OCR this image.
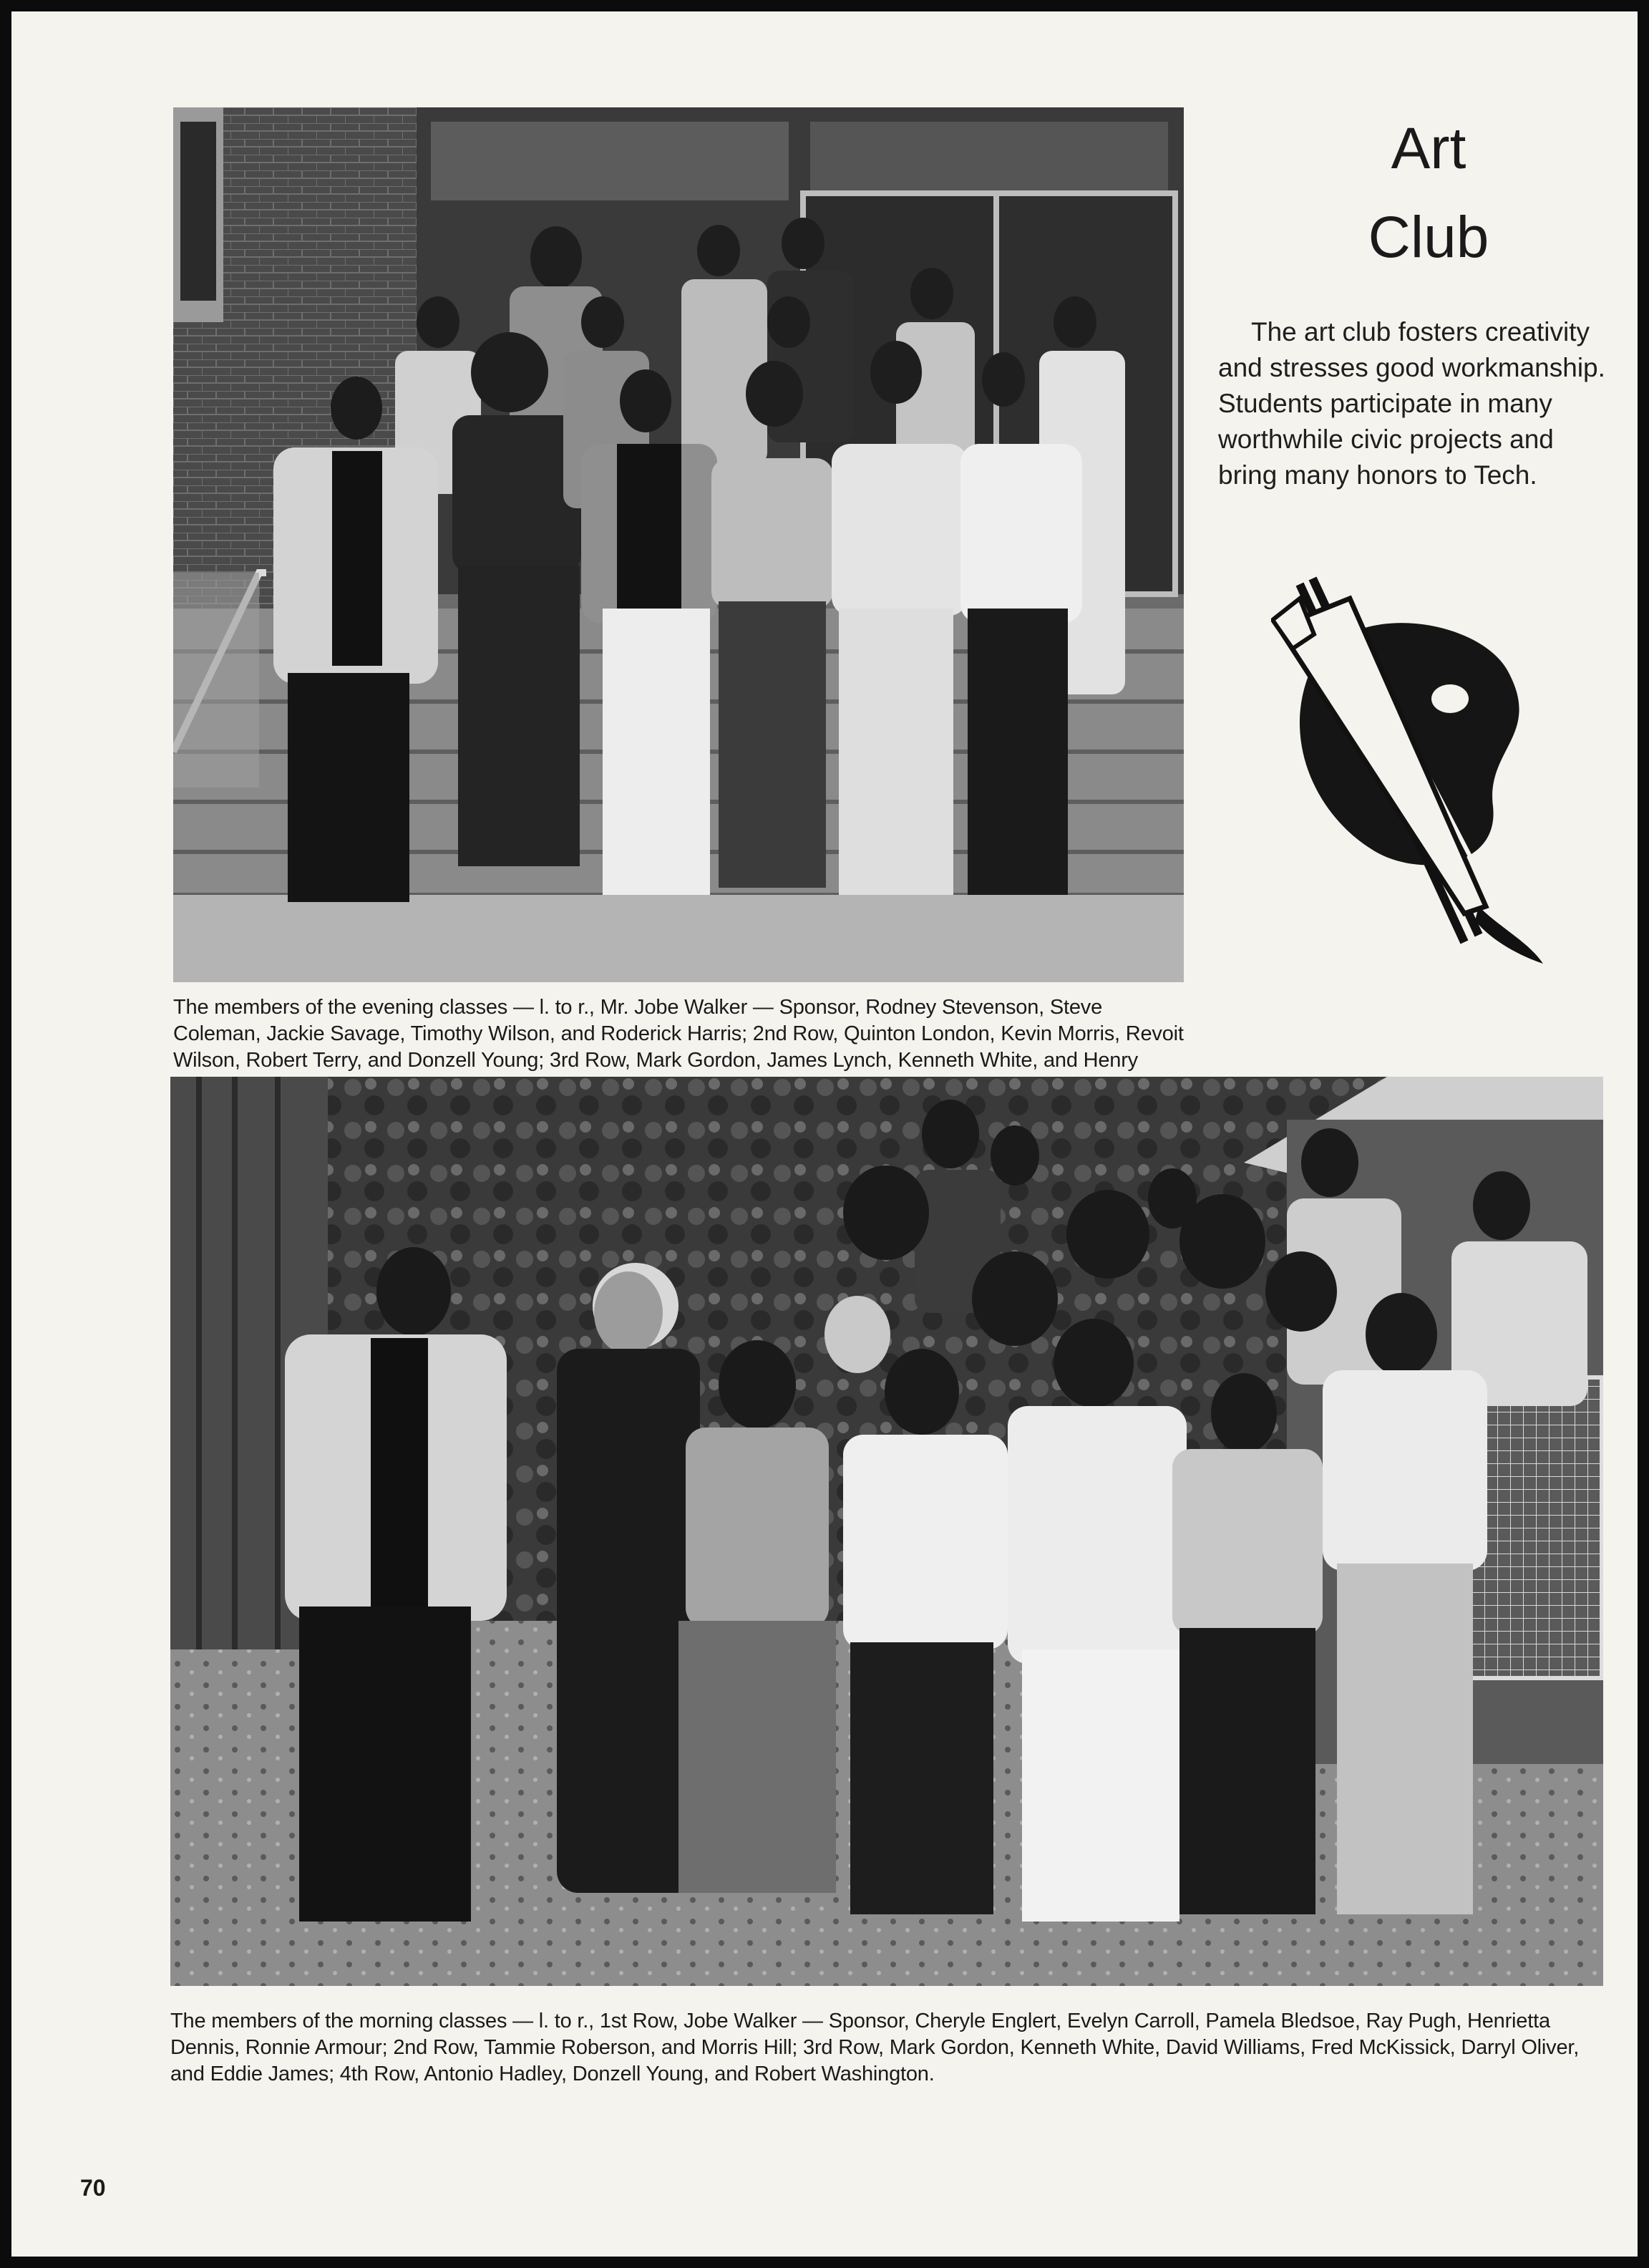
The members of the evening classes — l. to r., Mr. Jobe Walker — Sponsor, Rodney Stevenson, Steve Coleman, Jackie Savage, Timothy Wilson, and Roderick Harris; 2nd Row, Quinton London, Kevin Morris, Revoit Wilson, Robert Terry, and Donzell Young; 3rd Row, Mark Gordon, James Lynch, Kenneth White, and Henry

Art
Club

The art club fosters creativity and stresses good workmanship. Students participate in many worthwhile civic projects and bring many honors to Tech.

The members of the morning classes — l. to r., 1st Row, Jobe Walker — Sponsor, Cheryle Englert, Evelyn Carroll, Pamela Bledsoe, Ray Pugh, Henrietta Dennis, Ronnie Armour; 2nd Row, Tammie Roberson, and Morris Hill; 3rd Row, Mark Gordon, Kenneth White, David Williams, Fred McKissick, Darryl Oliver, and Eddie James; 4th Row, Antonio Hadley, Donzell Young, and Robert Washington.

70
